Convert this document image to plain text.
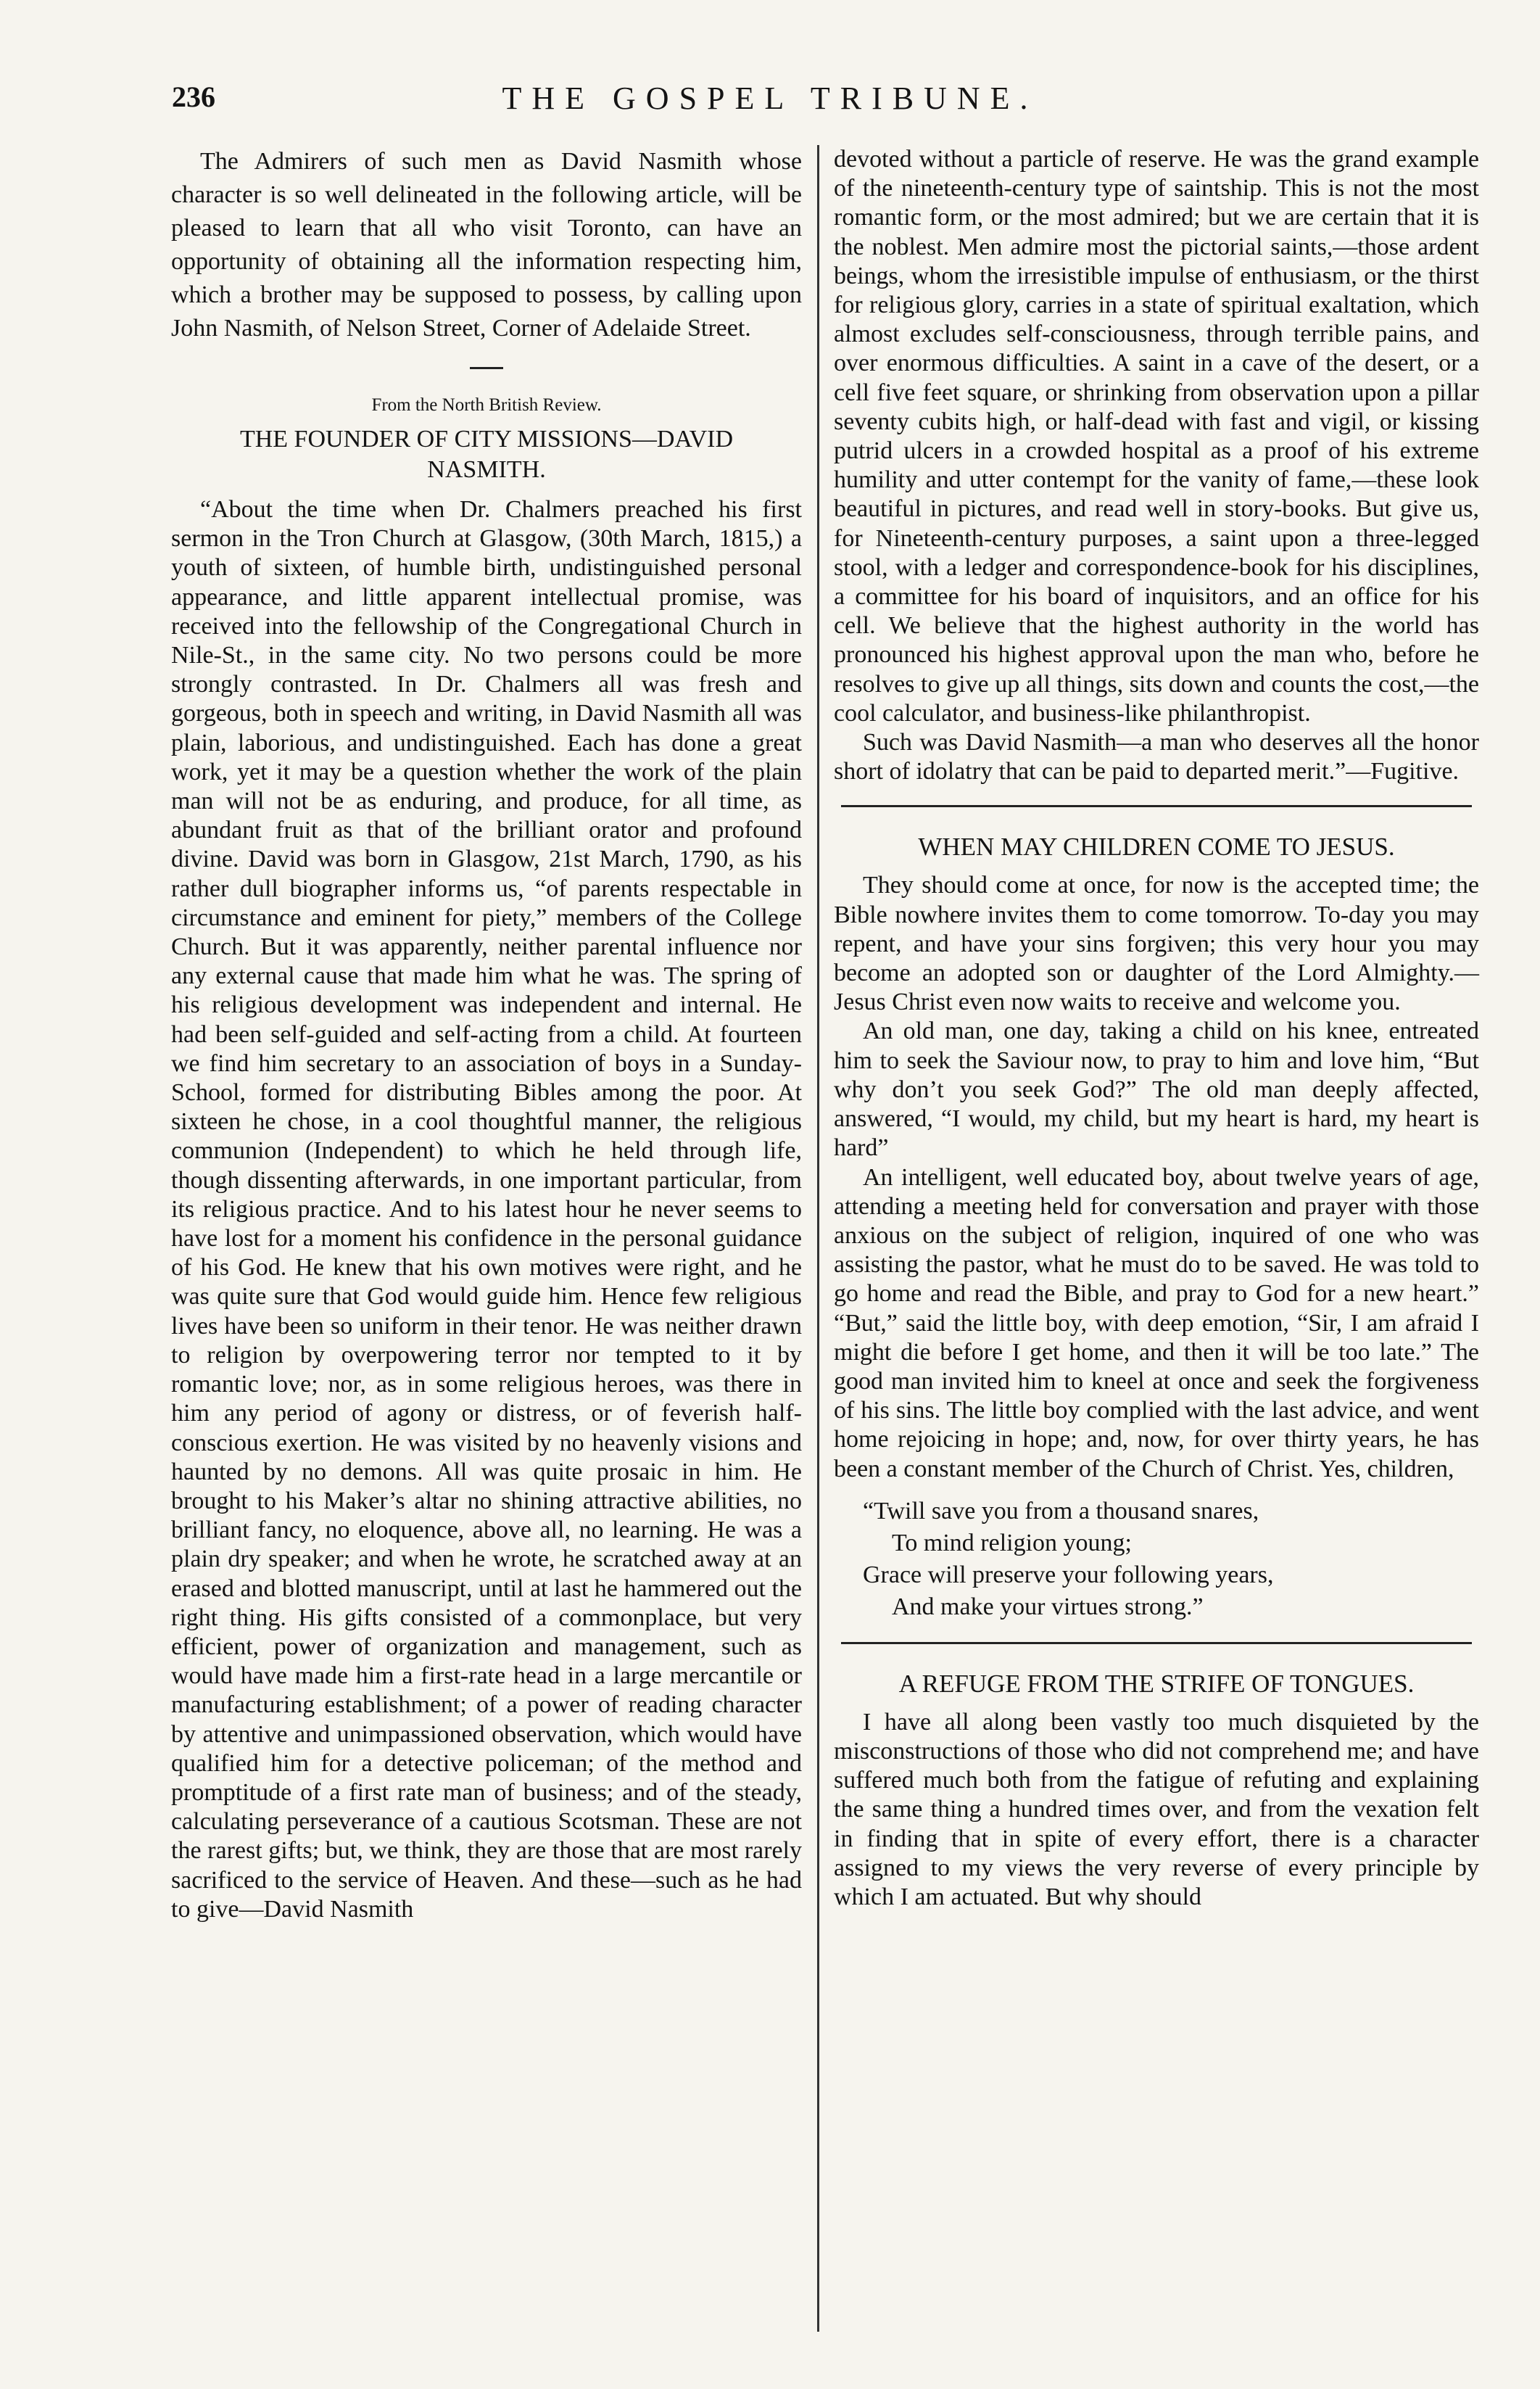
236	THE GOSPEL TRIBUNE.

The Admirers of such men as David Nasmith whose character is so well delineated in the following article, will be pleased to learn that all who visit Toronto, can have an opportunity of obtaining all the information respecting him, which a brother may be supposed to possess, by calling upon John Nasmith, of Nelson Street, Corner of Adelaide Street.

From the North British Review.
THE FOUNDER OF CITY MISSIONS—DAVID NASMITH.

“About the time when Dr. Chalmers preached his first sermon in the Tron Church at Glasgow, (30th March, 1815,) a youth of sixteen, of humble birth, undistinguished personal appearance, and little apparent intellectual promise, was received into the fellowship of the Congregational Church in Nile-St., in the same city. No two persons could be more strongly contrasted. In Dr. Chalmers all was fresh and gorgeous, both in speech and writing, in David Nasmith all was plain, laborious, and undistinguished. Each has done a great work, yet it may be a question whether the work of the plain man will not be as enduring, and produce, for all time, as abundant fruit as that of the brilliant orator and profound divine. David was born in Glasgow, 21st March, 1790, as his rather dull biographer informs us, “of parents respectable in circumstance and eminent for piety,” members of the College Church. But it was apparently, neither parental influence nor any external cause that made him what he was. The spring of his religious development was independent and internal. He had been self-guided and self-acting from a child. At fourteen we find him secretary to an association of boys in a Sunday-School, formed for distributing Bibles among the poor. At sixteen he chose, in a cool thoughtful manner, the religious communion (Independent) to which he held through life, though dissenting afterwards, in one important particular, from its religious practice. And to his latest hour he never seems to have lost for a moment his confidence in the personal guidance of his God. He knew that his own motives were right, and he was quite sure that God would guide him. Hence few religious lives have been so uniform in their tenor. He was neither drawn to religion by overpowering terror nor tempted to it by romantic love; nor, as in some religious heroes, was there in him any period of agony or distress, or of feverish half-conscious exertion. He was visited by no heavenly visions and haunted by no demons. All was quite prosaic in him. He brought to his Maker’s altar no shining attractive abilities, no brilliant fancy, no eloquence, above all, no learning. He was a plain dry speaker; and when he wrote, he scratched away at an erased and blotted manuscript, until at last he hammered out the right thing. His gifts consisted of a commonplace, but very efficient, power of organization and management, such as would have made him a first-rate head in a large mercantile or manufacturing establishment; of a power of reading character by attentive and unimpassioned observation, which would have qualified him for a detective policeman; of the method and promptitude of a first rate man of business; and of the steady, calculating perseverance of a cautious Scotsman. These are not the rarest gifts; but, we think, they are those that are most rarely sacrificed to the service of Heaven. And these—such as he had to give—David Nasmith

devoted without a particle of reserve. He was the grand example of the nineteenth-century type of saintship. This is not the most romantic form, or the most admired; but we are certain that it is the noblest. Men admire most the pictorial saints,—those ardent beings, whom the irresistible impulse of enthusiasm, or the thirst for religious glory, carries in a state of spiritual exaltation, which almost excludes self-consciousness, through terrible pains, and over enormous difficulties. A saint in a cave of the desert, or a cell five feet square, or shrinking from observation upon a pillar seventy cubits high, or half-dead with fast and vigil, or kissing putrid ulcers in a crowded hospital as a proof of his extreme humility and utter contempt for the vanity of fame,—these look beautiful in pictures, and read well in story-books. But give us, for Nineteenth-century purposes, a saint upon a three-legged stool, with a ledger and correspondence-book for his disciplines, a committee for his board of inquisitors, and an office for his cell. We believe that the highest authority in the world has pronounced his highest approval upon the man who, before he resolves to give up all things, sits down and counts the cost,—the cool calculator, and business-like philanthropist.

Such was David Nasmith—a man who deserves all the honor short of idolatry that can be paid to departed merit.”—Fugitive.

WHEN MAY CHILDREN COME TO JESUS.

They should come at once, for now is the accepted time; the Bible nowhere invites them to come tomorrow. To-day you may repent, and have your sins forgiven; this very hour you may become an adopted son or daughter of the Lord Almighty.—Jesus Christ even now waits to receive and welcome you.

An old man, one day, taking a child on his knee, entreated him to seek the Saviour now, to pray to him and love him, “But why don’t you seek God?” The old man deeply affected, answered, “I would, my child, but my heart is hard, my heart is hard”

An intelligent, well educated boy, about twelve years of age, attending a meeting held for conversation and prayer with those anxious on the subject of religion, inquired of one who was assisting the pastor, what he must do to be saved. He was told to go home and read the Bible, and pray to God for a new heart.” “But,” said the little boy, with deep emotion, “Sir, I am afraid I might die before I get home, and then it will be too late.” The good man invited him to kneel at once and seek the forgiveness of his sins. The little boy complied with the last advice, and went home rejoicing in hope; and, now, for over thirty years, he has been a constant member of the Church of Christ. Yes, children,

“Twill save you from a thousand snares,
To mind religion young;
Grace will preserve your following years,
And make your virtues strong.”
A REFUGE FROM THE STRIFE OF TONGUES.

I have all along been vastly too much disquieted by the misconstructions of those who did not comprehend me; and have suffered much both from the fatigue of refuting and explaining the same thing a hundred times over, and from the vexation felt in finding that in spite of every effort, there is a character assigned to my views the very reverse of every principle by which I am actuated. But why should
